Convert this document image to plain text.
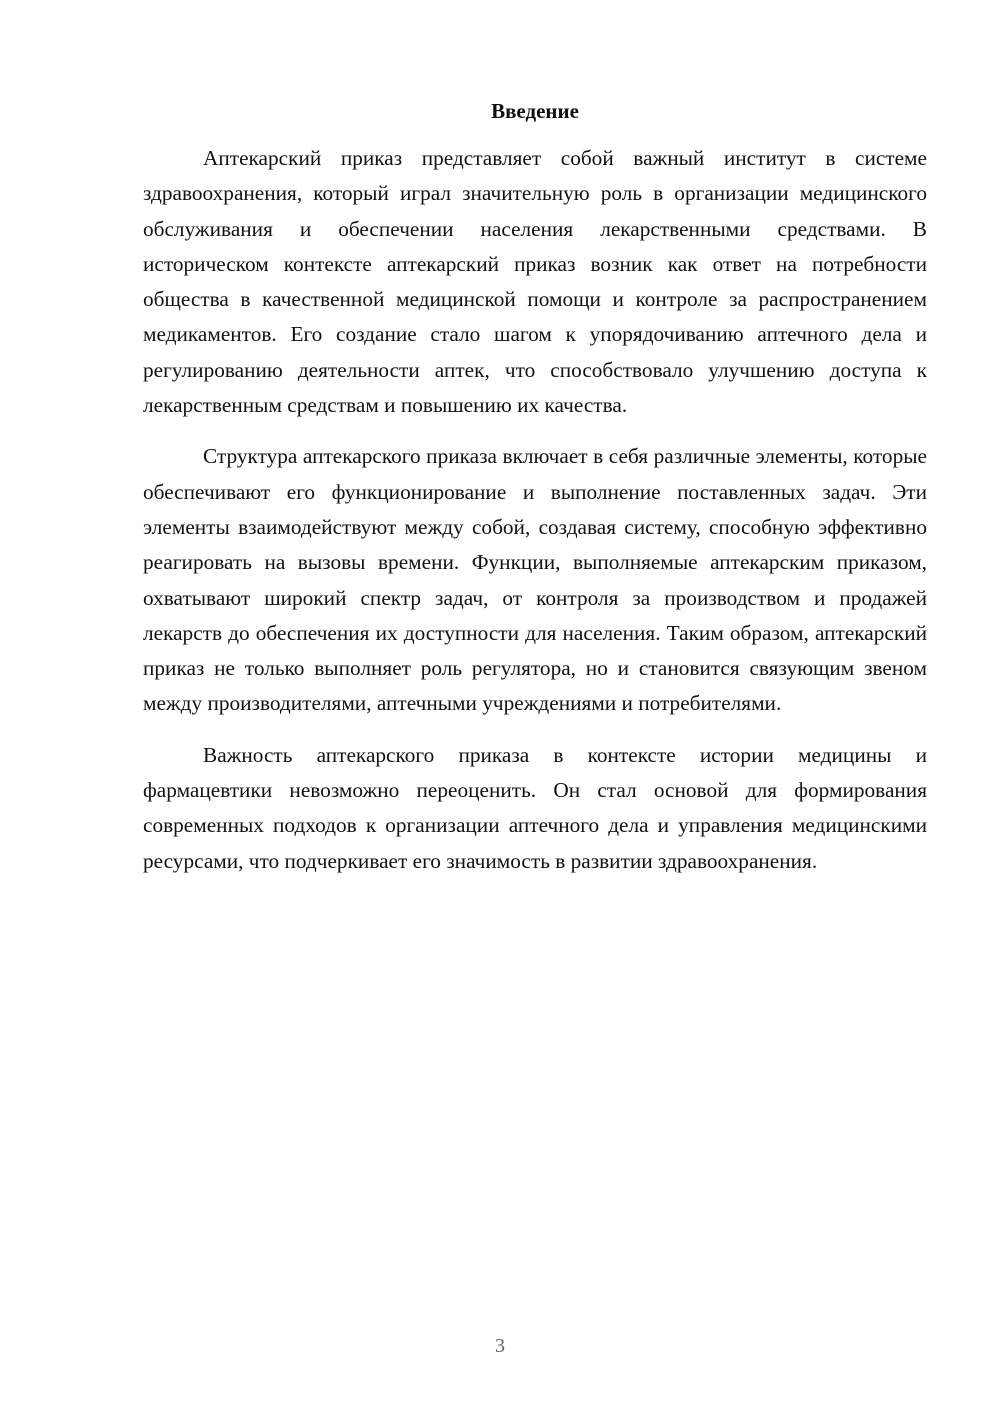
Введение

Аптекарский приказ представляет собой важный институт в системе здравоохранения, который играл значительную роль в организации медицинского обслуживания и обеспечении населения лекарственными средствами. В историческом контексте аптекарский приказ возник как ответ на потребности общества в качественной медицинской помощи и контроле за распространением медикаментов. Его создание стало шагом к упорядочиванию аптечного дела и регулированию деятельности аптек, что способствовало улучшению доступа к лекарственным средствам и повышению их качества.

Структура аптекарского приказа включает в себя различные элементы, которые обеспечивают его функционирование и выполнение поставленных задач. Эти элементы взаимодействуют между собой, создавая систему, способную эффективно реагировать на вызовы времени. Функции, выполняемые аптекарским приказом, охватывают широкий спектр задач, от контроля за производством и продажей лекарств до обеспечения их доступности для населения. Таким образом, аптекарский приказ не только выполняет роль регулятора, но и становится связующим звеном между производителями, аптечными учреждениями и потребителями.

Важность аптекарского приказа в контексте истории медицины и фармацевтики невозможно переоценить. Он стал основой для формирования современных подходов к организации аптечного дела и управления медицинскими ресурсами, что подчеркивает его значимость в развитии здравоохранения.

3
